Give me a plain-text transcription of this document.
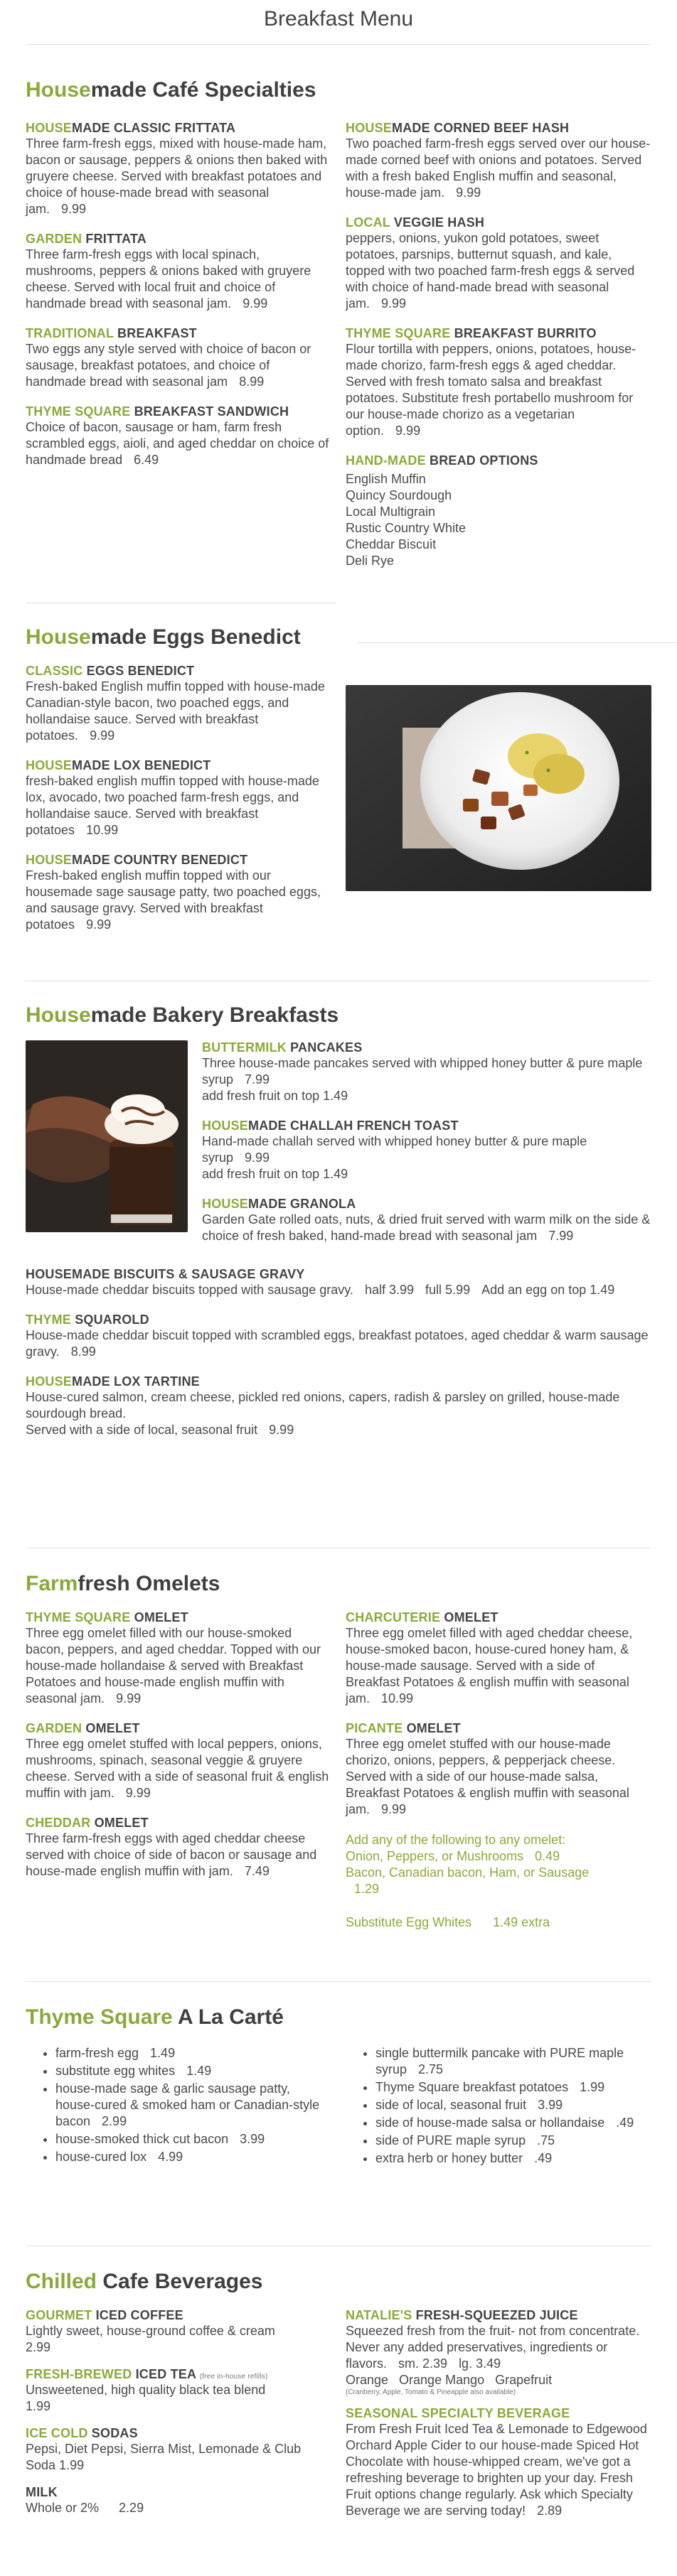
Breakfast Menu
Housemade Café Specialties
HOUSEMADE CLASSIC FRITTATA
Three farm-fresh eggs, mixed with house-made ham, bacon or sausage, peppers & onions then baked with gruyere cheese. Served with breakfast potatoes and choice of house-made bread with seasonal jam. 9.99
GARDEN FRITTATA
Three farm-fresh eggs with local spinach, mushrooms, peppers & onions baked with gruyere cheese. Served with local fruit and choice of handmade bread with seasonal jam. 9.99
TRADITIONAL BREAKFAST
Two eggs any style served with choice of bacon or sausage, breakfast potatoes, and choice of handmade bread with seasonal jam 8.99
THYME SQUARE BREAKFAST SANDWICH
Choice of bacon, sausage or ham, farm fresh scrambled eggs, aioli, and aged cheddar on choice of handmade bread 6.49
HOUSEMADE CORNED BEEF HASH
Two poached farm-fresh eggs served over our house-made corned beef with onions and potatoes. Served with a fresh baked English muffin and seasonal, house-made jam. 9.99
LOCAL VEGGIE HASH
peppers, onions, yukon gold potatoes, sweet potatoes, parsnips, butternut squash, and kale, topped with two poached farm-fresh eggs & served with choice of hand-made bread with seasonal jam. 9.99
THYME SQUARE BREAKFAST BURRITO
Flour tortilla with peppers, onions, potatoes, house-made chorizo, farm-fresh eggs & aged cheddar. Served with fresh tomato salsa and breakfast potatoes. Substitute fresh portabello mushroom for our house-made chorizo as a vegetarian option. 9.99
HAND-MADE BREAD OPTIONS
English Muffin
Quincy Sourdough
Local Multigrain
Rustic Country White
Cheddar Biscuit
Deli Rye
Housemade Eggs Benedict
CLASSIC EGGS BENEDICT
Fresh-baked English muffin topped with house-made Canadian-style bacon, two poached eggs, and hollandaise sauce. Served with breakfast potatoes. 9.99
HOUSEMADE LOX BENEDICT
fresh-baked english muffin topped with house-made lox, avocado, two poached farm-fresh eggs, and hollandaise sauce. Served with breakfast potatoes 10.99
HOUSEMADE COUNTRY BENEDICT
Fresh-baked english muffin topped with our housemade sage sausage patty, two poached eggs, and sausage gravy. Served with breakfast potatoes 9.99
Housemade Bakery Breakfasts
BUTTERMILK PANCAKES
Three house-made pancakes served with whipped honey butter & pure maple syrup 7.99
add fresh fruit on top 1.49
HOUSEMADE CHALLAH FRENCH TOAST
Hand-made challah served with whipped honey butter & pure maple syrup 9.99
add fresh fruit on top 1.49
HOUSEMADE GRANOLA
Garden Gate rolled oats, nuts, & dried fruit served with warm milk on the side & choice of fresh baked, hand-made bread with seasonal jam 7.99
HOUSEMADE BISCUITS & SAUSAGE GRAVY
House-made cheddar biscuits topped with sausage gravy. half 3.99 full 5.99 Add an egg on top 1.49
THYME SQUAROLD
House-made cheddar biscuit topped with scrambled eggs, breakfast potatoes, aged cheddar & warm sausage gravy. 8.99
HOUSEMADE LOX TARTINE
House-cured salmon, cream cheese, pickled red onions, capers, radish & parsley on grilled, house-made sourdough bread.
Served with a side of local, seasonal fruit 9.99
Farmfresh Omelets
THYME SQUARE OMELET
Three egg omelet filled with our house-smoked bacon, peppers, and aged cheddar. Topped with our house-made hollandaise & served with Breakfast Potatoes and house-made english muffin with seasonal jam. 9.99
GARDEN OMELET
Three egg omelet stuffed with local peppers, onions, mushrooms, spinach, seasonal veggie & gruyere cheese. Served with a side of seasonal fruit & english muffin with jam. 9.99
CHEDDAR OMELET
Three farm-fresh eggs with aged cheddar cheese served with choice of side of bacon or sausage and house-made english muffin with jam. 7.49
CHARCUTERIE OMELET
Three egg omelet filled with aged cheddar cheese, house-smoked bacon, house-cured honey ham, & house-made sausage. Served with a side of Breakfast Potatoes & english muffin with seasonal jam. 10.99
PICANTE OMELET
Three egg omelet stuffed with our house-made chorizo, onions, peppers, & pepperjack cheese. Served with a side of our house-made salsa, Breakfast Potatoes & english muffin with seasonal jam. 9.99
Add any of the following to any omelet:
Onion, Peppers, or Mushrooms 0.49
Bacon, Canadian bacon, Ham, or Sausage
1.29
Substitute Egg Whites 1.49 extra
Thyme Square A La Carté
• farm-fresh egg 1.49
• substitute egg whites 1.49
• house-made sage & garlic sausage patty, house-cured & smoked ham or Canadian-style bacon 2.99
• house-smoked thick cut bacon 3.99
• house-cured lox 4.99
• single buttermilk pancake with PURE maple syrup 2.75
• Thyme Square breakfast potatoes 1.99
• side of local, seasonal fruit 3.99
• side of house-made salsa or hollandaise .49
• side of PURE maple syrup .75
• extra herb or honey butter .49
Chilled Cafe Beverages
GOURMET ICED COFFEE
Lightly sweet, house-ground coffee & cream
2.99
FRESH-BREWED ICED TEA (free in-house refills)
Unsweetened, high quality black tea blend
1.99
ICE COLD SODAS
Pepsi, Diet Pepsi, Sierra Mist, Lemonade & Club Soda 1.99
MILK
Whole or 2% 2.29
NATALIE'S FRESH-SQUEEZED JUICE
Squeezed fresh from the fruit- not from concentrate. Never any added preservatives, ingredients or flavors. sm. 2.39 lg. 3.49
Orange   Orange Mango   Grapefruit
(Cranberry, Apple, Tomato & Pineapple also available)
SEASONAL SPECIALTY BEVERAGE
From Fresh Fruit Iced Tea & Lemonade to Edgewood Orchard Apple Cider to our house-made Spiced Hot Chocolate with house-whipped cream, we've got a refreshing beverage to brighten up your day. Fresh Fruit options change regularly. Ask which Specialty Beverage we are serving today! 2.89
